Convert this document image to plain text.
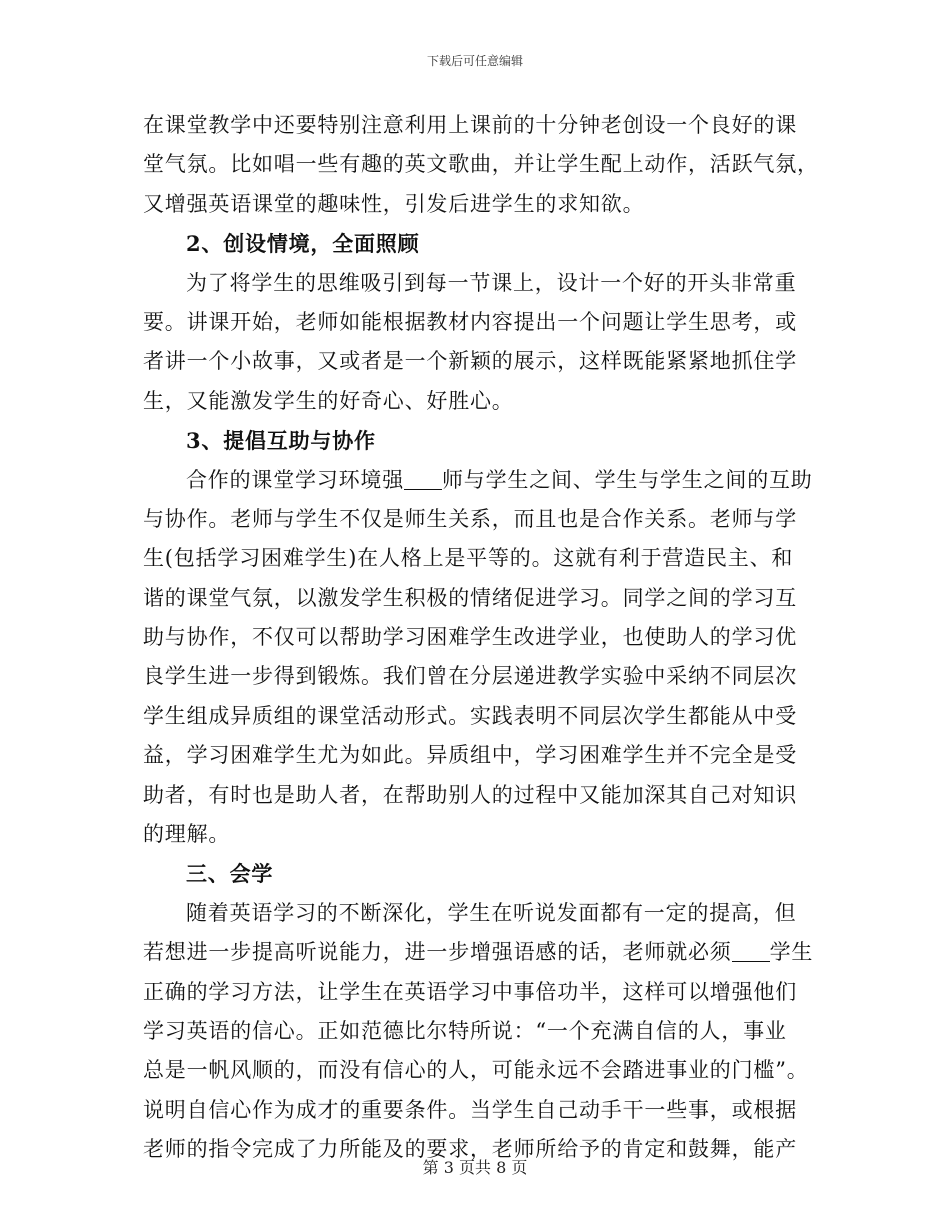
下载后可任意编辑
在课堂教学中还要特别注意利用上课前的十分钟老创设一个良好的课
堂气氛。比如唱一些有趣的英文歌曲，并让学生配上动作，活跃气氛，
又增强英语课堂的趣味性，引发后进学生的求知欲。
2、创设情境，全面照顾
为了将学生的思维吸引到每一节课上，设计一个好的开头非常重
要。讲课开始，老师如能根据教材内容提出一个问题让学生思考，或
者讲一个小故事，又或者是一个新颖的展示，这样既能紧紧地抓住学
生，又能激发学生的好奇心、好胜心。
3、提倡互助与协作
合作的课堂学习环境强 师与学生之间、学生与学生之间的互助
与协作。老师与学生不仅是师生关系，而且也是合作关系。老师与学
生(包括学习困难学生)在人格上是平等的。这就有利于营造民主、和
谐的课堂气氛，以激发学生积极的情绪促进学习。同学之间的学习互
助与协作，不仅可以帮助学习困难学生改进学业，也使助人的学习优
良学生进一步得到锻炼。我们曾在分层递进教学实验中采纳不同层次
学生组成异质组的课堂活动形式。实践表明不同层次学生都能从中受
益，学习困难学生尤为如此。异质组中，学习困难学生并不完全是受
助者，有时也是助人者，在帮助别人的过程中又能加深其自己对知识
的理解。
三、会学
随着英语学习的不断深化，学生在听说发面都有一定的提高，但
若想进一步提高听说能力，进一步增强语感的话，老师就必须 学生
正确的学习方法，让学生在英语学习中事倍功半，这样可以增强他们
学习英语的信心。正如范德比尔特所说：“一个充满自信的人，事业
总是一帆风顺的，而没有信心的人，可能永远不会踏进事业的门槛”。
说明自信心作为成才的重要条件。当学生自己动手干一些事，或根据
老师的指令完成了力所能及的要求，老师所给予的肯定和鼓舞，能产
第 3 页共 8 页
